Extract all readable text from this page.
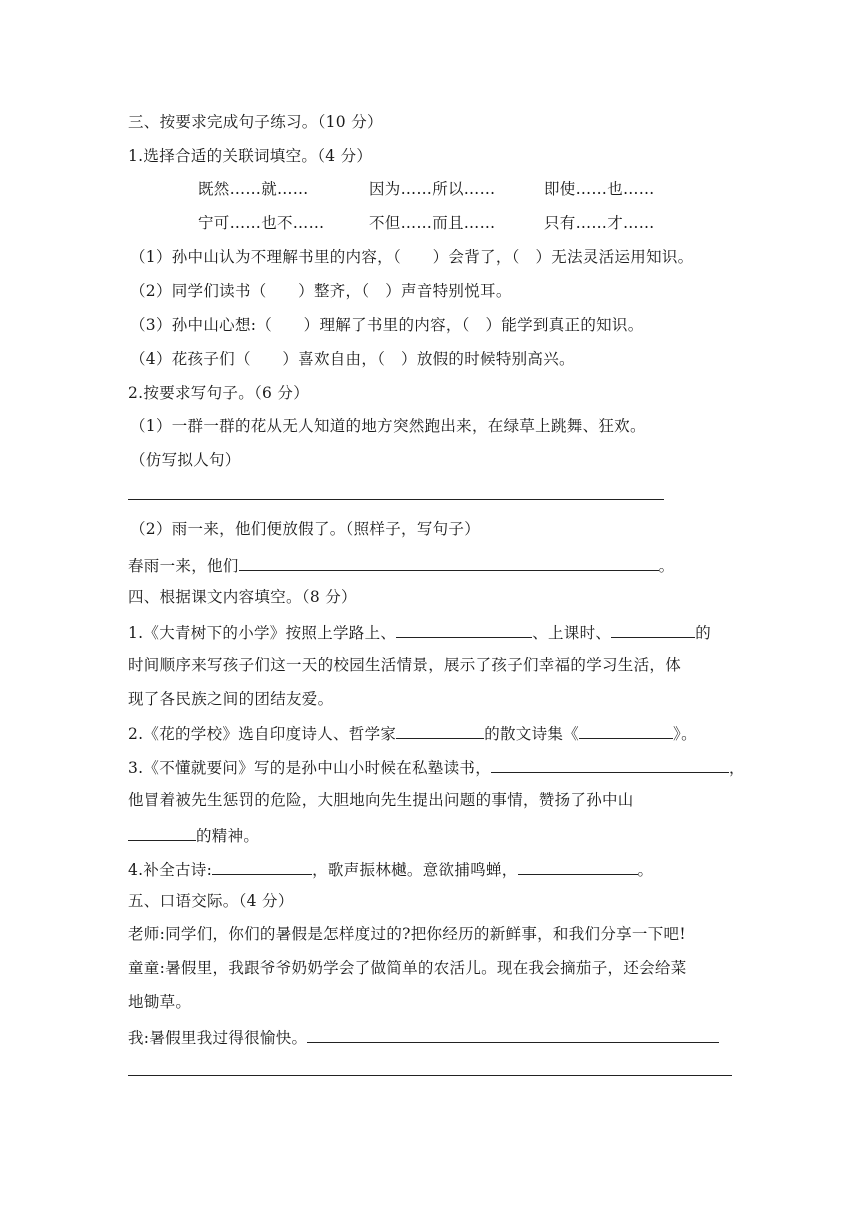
三、按要求完成句子练习。（10 分）
1.选择合适的关联词填空。（4 分）
既然……就……	因为……所以……	即使……也……
宁可……也不……	不但……而且……	只有……才……
（1）孙中山认为不理解书里的内容，（　　）会背了，（　）无法灵活运用知识。
（2）同学们读书（　　）整齐，（　）声音特别悦耳。
（3）孙中山心想:（　　）理解了书里的内容，（　）能学到真正的知识。
（4）花孩子们（　　）喜欢自由，（　）放假的时候特别高兴。
2.按要求写句子。（6 分）
（1）一群一群的花从无人知道的地方突然跑出来，在绿草上跳舞、狂欢。
（仿写拟人句）
（2）雨一来，他们便放假了。（照样子，写句子）
春雨一来，他们	。
四、根据课文内容填空。（8 分）
1.《大青树下的小学》按照上学路上、	、上课时、	的
时间顺序来写孩子们这一天的校园生活情景，展示了孩子们幸福的学习生活，体
现了各民族之间的团结友爱。
2.《花的学校》选自印度诗人、哲学家	的散文诗集《	》。
3.《不懂就要问》写的是孙中山小时候在私塾读书，	，
他冒着被先生惩罚的危险，大胆地向先生提出问题的事情，赞扬了孙中山
的精神。
4.补全古诗:	，歌声振林樾。意欲捕鸣蝉，	。
五、口语交际。（4 分）
老师:同学们，你们的暑假是怎样度过的?把你经历的新鲜事，和我们分享一下吧!
童童:暑假里，我跟爷爷奶奶学会了做简单的农活儿。现在我会摘茄子，还会给菜
地锄草。
我:暑假里我过得很愉快。
